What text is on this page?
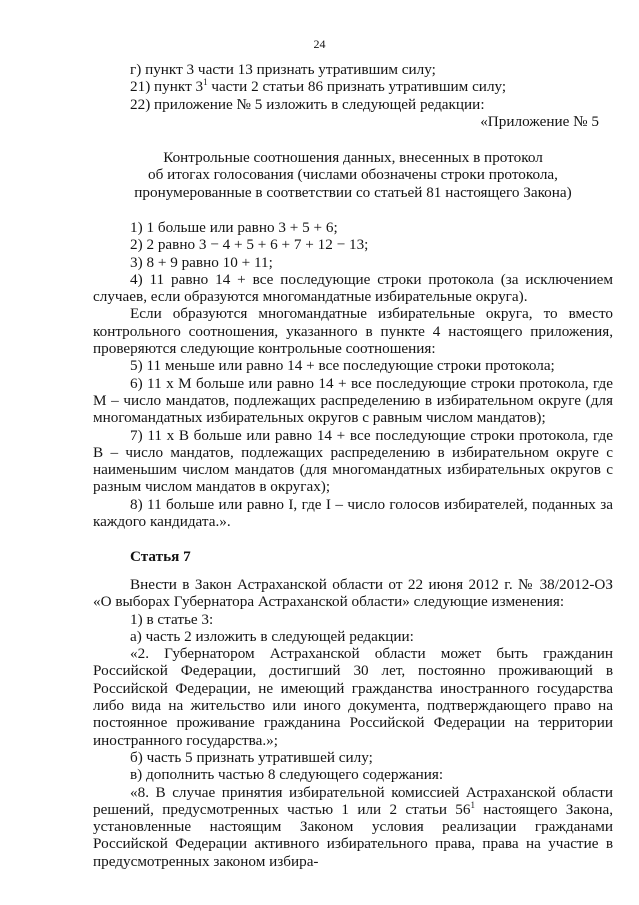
24

г) пункт 3 части 13 признать утратившим силу;

21) пункт $3^1$ части 2 статьи 86 признать утратившим силу;

22) приложение № 5 изложить в следующей редакции:

«Приложение № 5

Контрольные соотношения данных, внесенных в протокол

об итогах голосования (числами обозначены строки протокола,

пронумерованные в соответствии со статьей 81 настоящего Закона)

1) 1 больше или равно 3 + 5 + 6;

2) 2 равно 3 − 4 + 5 + 6 + 7 + 12 − 13;

3) 8 + 9 равно 10 + 11;

4) 11 равно 14 + все последующие строки протокола (за исключением случаев, если образуются многомандатные избирательные округа).

Если образуются многомандатные избирательные округа, то вместо контрольного соотношения, указанного в пункте 4 настоящего приложения, проверяются следующие контрольные соотношения:

5) 11 меньше или равно 14 + все последующие строки протокола;

6) 11 x M больше или равно 14 + все последующие строки протокола, где M – число мандатов, подлежащих распределению в избирательном округе (для многомандатных избирательных округов с равным числом мандатов);

7) 11 x B больше или равно 14 + все последующие строки протокола, где B – число мандатов, подлежащих распределению в избирательном округе с наименьшим числом мандатов (для многомандатных избирательных округов с разным числом мандатов в округах);

8) 11 больше или равно I, где I – число голосов избирателей, поданных за каждого кандидата.».

Статья 7

Внести в Закон Астраханской области от 22 июня 2012 г. № 38/2012-ОЗ «О выборах Губернатора Астраханской области» следующие изменения:

1) в статье 3:

а) часть 2 изложить в следующей редакции:

«2. Губернатором Астраханской области может быть гражданин Российской Федерации, достигший 30 лет, постоянно проживающий в Российской Федерации, не имеющий гражданства иностранного государства либо вида на жительство или иного документа, подтверждающего право на постоянное проживание гражданина Российской Федерации на территории иностранного государства.»;

б) часть 5 признать утратившей силу;

в) дополнить частью 8 следующего содержания:

«8. В случае принятия избирательной комиссией Астраханской области решений, предусмотренных частью 1 или 2 статьи $56^1$ настоящего Закона, установленные настоящим Законом условия реализации гражданами Российской Федерации активного избирательного права, права на участие в предусмотренных законом избира-
